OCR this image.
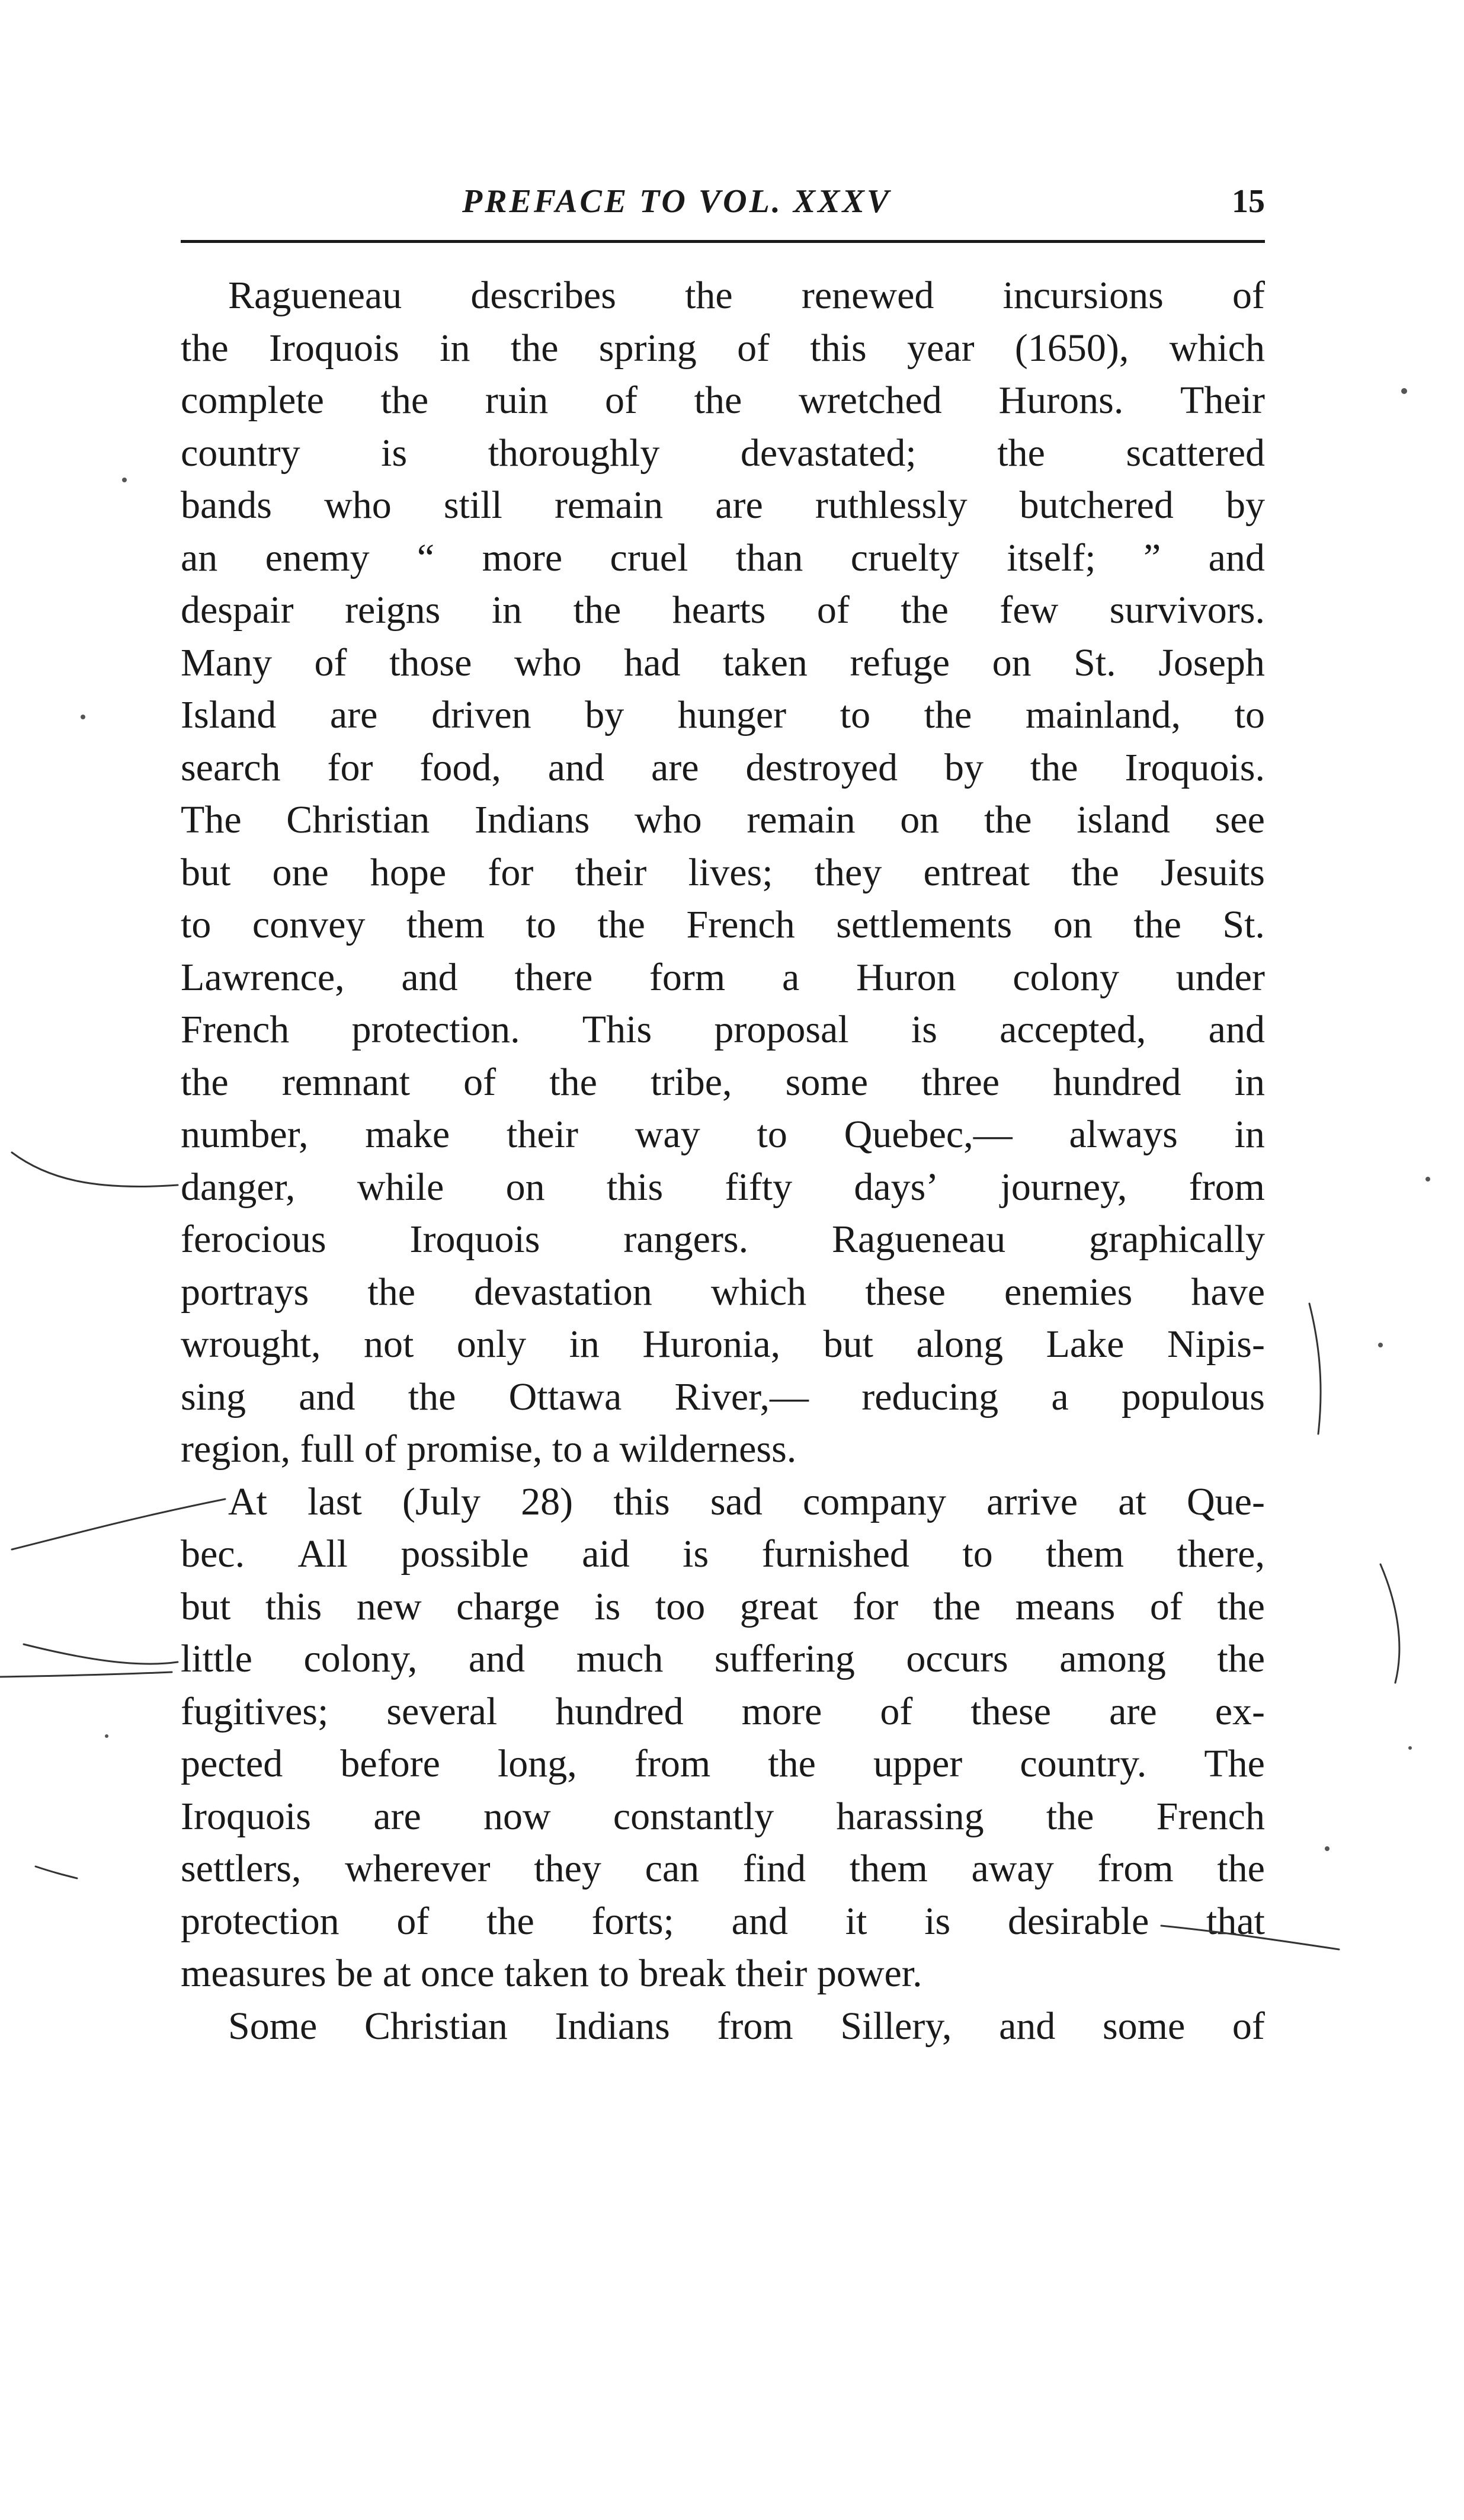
PREFACE TO VOL. XXXV	15
Ragueneau describes the renewed incursions of
the Iroquois in the spring of this year (1650), which
complete the ruin of the wretched Hurons. Their
country is thoroughly devastated; the scattered
bands who still remain are ruthlessly butchered by
an enemy “ more cruel than cruelty itself; ” and
despair reigns in the hearts of the few survivors.
Many of those who had taken refuge on St. Joseph
Island are driven by hunger to the mainland, to
search for food, and are destroyed by the Iroquois.
The Christian Indians who remain on the island see
but one hope for their lives; they entreat the Jesuits
to convey them to the French settlements on the St.
Lawrence, and there form a Huron colony under
French protection. This proposal is accepted, and
the remnant of the tribe, some three hundred in
number, make their way to Quebec,— always in
danger, while on this fifty days’ journey, from
ferocious Iroquois rangers. Ragueneau graphically
portrays the devastation which these enemies have
wrought, not only in Huronia, but along Lake Nipis-
sing and the Ottawa River,— reducing a populous
region, full of promise, to a wilderness.
At last (July 28) this sad company arrive at Que-
bec. All possible aid is furnished to them there,
but this new charge is too great for the means of the
little colony, and much suffering occurs among the
fugitives; several hundred more of these are ex-
pected before long, from the upper country. The
Iroquois are now constantly harassing the French
settlers, wherever they can find them away from the
protection of the forts; and it is desirable that
measures be at once taken to break their power.
Some Christian Indians from Sillery, and some of
